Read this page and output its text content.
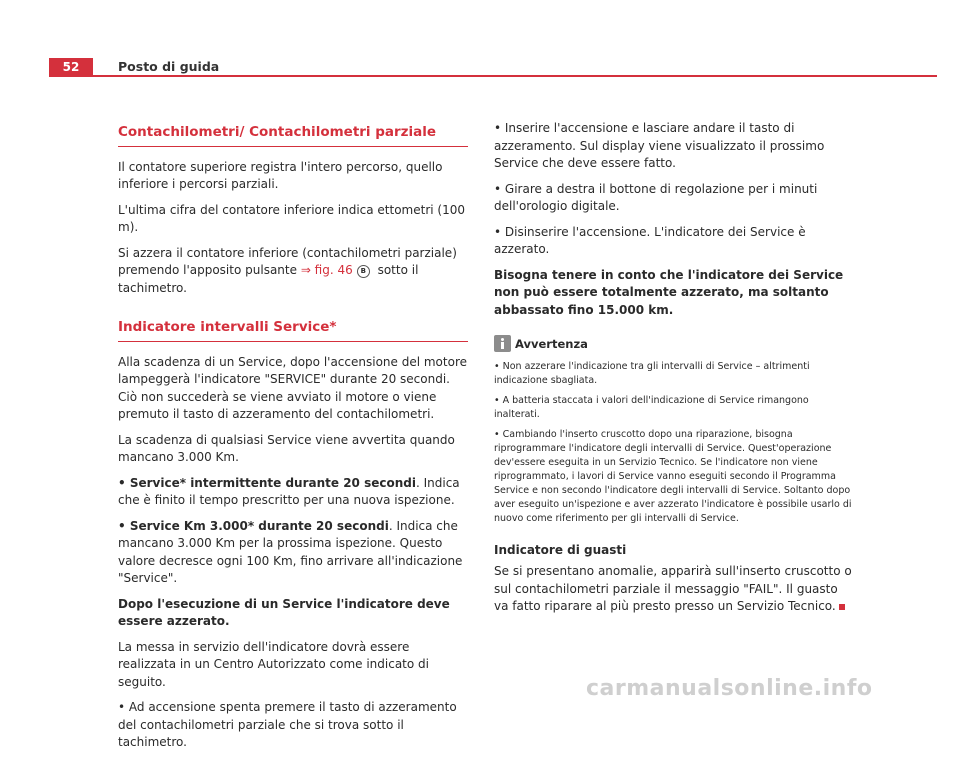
52	Posto di guida
Contachilometri/ Contachilometri parziale

Il contatore superiore registra l'intero percorso, quello inferiore i percorsi parziali.

L'ultima cifra del contatore inferiore indica ettometri (100 m).

Si azzera il contatore inferiore (contachilometri parziale) premendo l'apposito pulsante ⇒ fig. 46 B sotto il tachimetro.

Indicatore intervalli Service*

Alla scadenza di un Service, dopo l'accensione del motore lampeggerà l'indicatore "SERVICE" durante 20 secondi. Ciò non succederà se viene avviato il motore o viene premuto il tasto di azzeramento del contachilometri.

La scadenza di qualsiasi Service viene avvertita quando mancano 3.000 Km.

• Service* intermittente durante 20 secondi. Indica che è finito il tempo prescritto per una nuova ispezione.

• Service Km 3.000* durante 20 secondi. Indica che mancano 3.000 Km per la prossima ispezione. Questo valore decresce ogni 100 Km, fino arrivare all'indicazione "Service".

Dopo l'esecuzione di un Service l'indicatore deve essere azzerato.

La messa in servizio dell'indicatore dovrà essere realizzata in un Centro Autorizzato come indicato di seguito.

• Ad accensione spenta premere il tasto di azzeramento del contachilometri parziale che si trova sotto il tachimetro.

• Inserire l'accensione e lasciare andare il tasto di azzeramento. Sul display viene visualizzato il prossimo Service che deve essere fatto.

• Girare a destra il bottone di regolazione per i minuti dell'orologio digitale.

• Disinserire l'accensione. L'indicatore dei Service è azzerato.

Bisogna tenere in conto che l'indicatore dei Service non può essere totalmente azzerato, ma soltanto abbassato fino 15.000 km.

Avvertenza

• Non azzerare l'indicazione tra gli intervalli di Service – altrimenti indicazione sbagliata.

• A batteria staccata i valori dell'indicazione di Service rimangono inalterati.

• Cambiando l'inserto cruscotto dopo una riparazione, bisogna riprogrammare l'indicatore degli intervalli di Service. Quest'operazione dev'essere eseguita in un Servizio Tecnico. Se l'indicatore non viene riprogrammato, i lavori di Service vanno eseguiti secondo il Programma Service e non secondo l'indicatore degli intervalli di Service. Soltanto dopo aver eseguito un'ispezione e aver azzerato l'indicatore è possibile usarlo di nuovo come riferimento per gli intervalli di Service.

Indicatore di guasti

Se si presentano anomalie, apparirà sull'inserto cruscotto o sul contachilometri parziale il messaggio "FAIL". Il guasto va fatto riparare al più presto presso un Servizio Tecnico.

carmanualsonline.info
